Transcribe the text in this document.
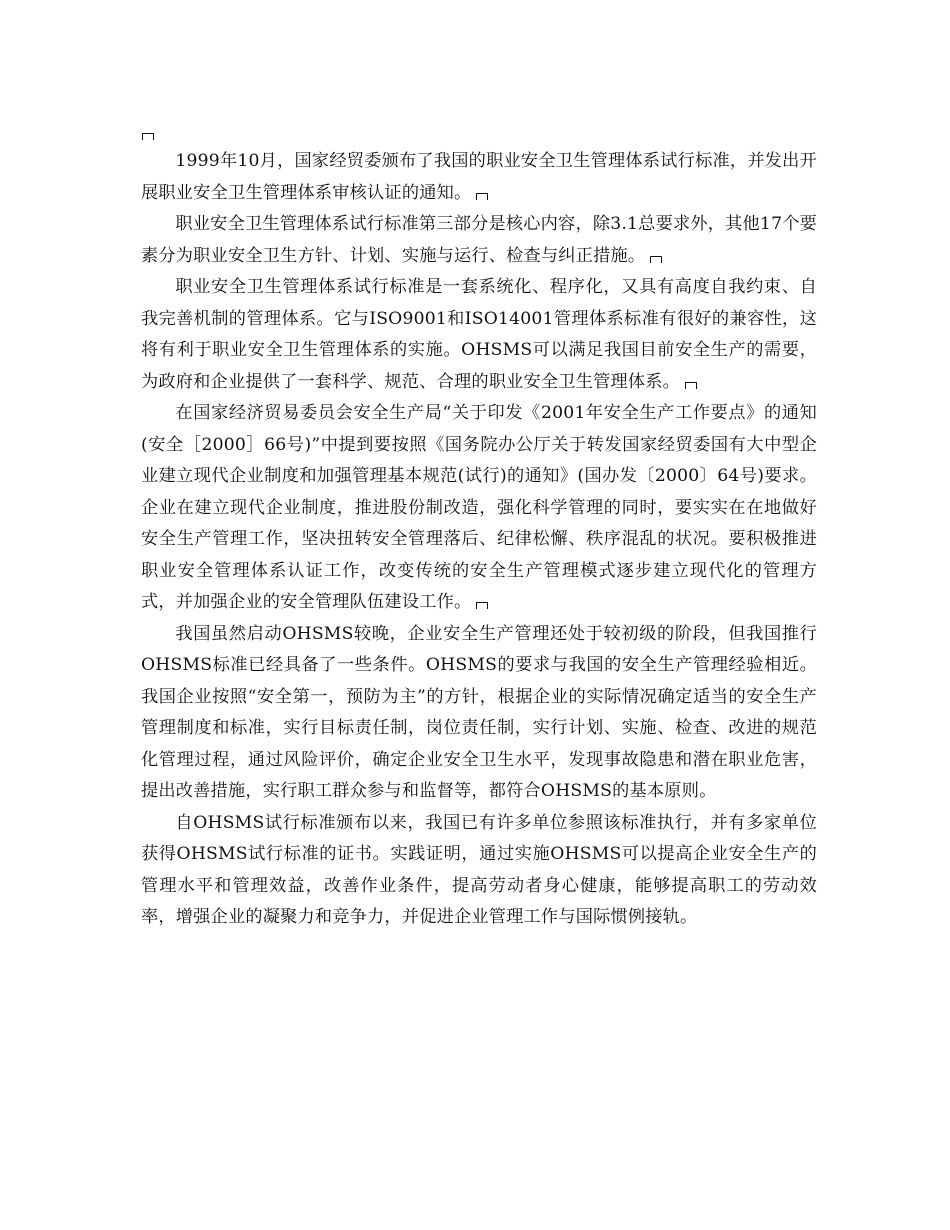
1999年10月，国家经贸委颁布了我国的职业安全卫生管理体系试行标准，并发出开展职业安全卫生管理体系审核认证的通知。

职业安全卫生管理体系试行标准第三部分是核心内容，除3.1总要求外，其他17个要素分为职业安全卫生方针、计划、实施与运行、检查与纠正措施。

职业安全卫生管理体系试行标准是一套系统化、程序化，又具有高度自我约束、自我完善机制的管理体系。它与ISO9001和ISO14001管理体系标准有很好的兼容性，这将有利于职业安全卫生管理体系的实施。OHSMS可以满足我国目前安全生产的需要，为政府和企业提供了一套科学、规范、合理的职业安全卫生管理体系。

在国家经济贸易委员会安全生产局“关于印发《2001年安全生产工作要点》的通知(安全［2000］66号)”中提到要按照《国务院办公厅关于转发国家经贸委国有大中型企业建立现代企业制度和加强管理基本规范(试行)的通知》(国办发〔2000〕64号)要求。企业在建立现代企业制度，推进股份制改造，强化科学管理的同时，要实实在在地做好安全生产管理工作，坚决扭转安全管理落后、纪律松懈、秩序混乱的状况。要积极推进职业安全管理体系认证工作，改变传统的安全生产管理模式逐步建立现代化的管理方式，并加强企业的安全管理队伍建设工作。

我国虽然启动OHSMS较晚，企业安全生产管理还处于较初级的阶段，但我国推行OHSMS标准已经具备了一些条件。OHSMS的要求与我国的安全生产管理经验相近。我国企业按照“安全第一，预防为主”的方针，根据企业的实际情况确定适当的安全生产管理制度和标准，实行目标责任制，岗位责任制，实行计划、实施、检查、改进的规范化管理过程，通过风险评价，确定企业安全卫生水平，发现事故隐患和潜在职业危害，提出改善措施，实行职工群众参与和监督等，都符合OHSMS的基本原则。

自OHSMS试行标准颁布以来，我国已有许多单位参照该标准执行，并有多家单位获得OHSMS试行标准的证书。实践证明，通过实施OHSMS可以提高企业安全生产的管理水平和管理效益，改善作业条件，提高劳动者身心健康，能够提高职工的劳动效率，增强企业的凝聚力和竞争力，并促进企业管理工作与国际惯例接轨。
